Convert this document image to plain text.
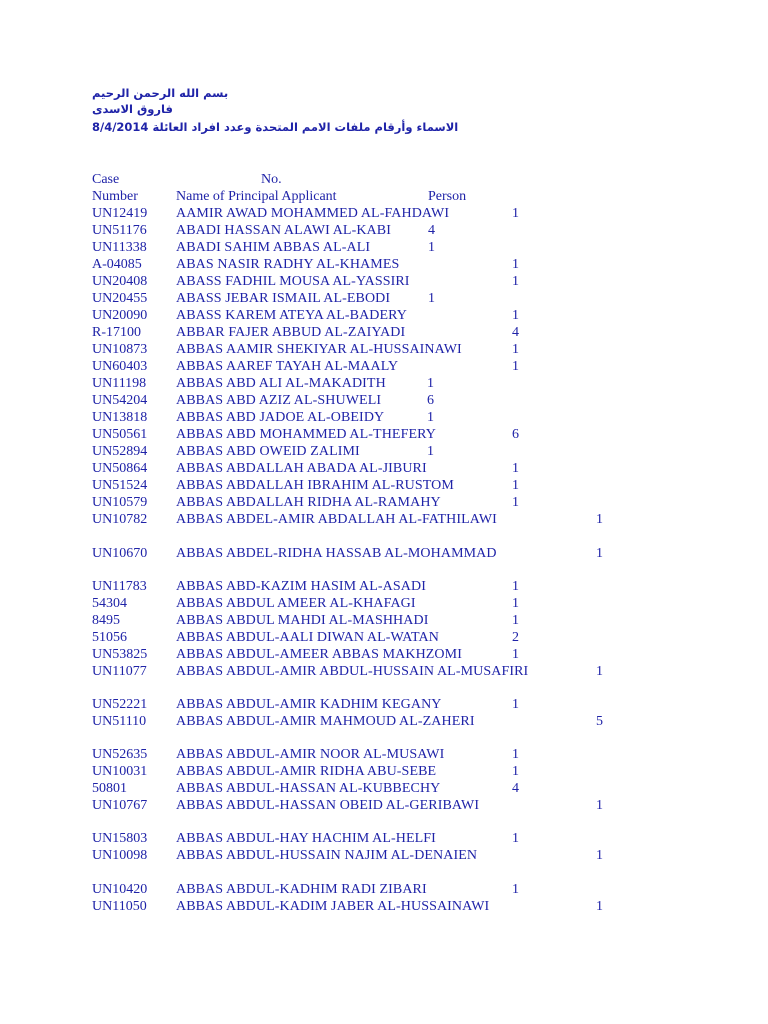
بسم الله الرحمن الرحيم
فاروق الاسدى
8/4/2014 الاسماء وأرقام ملفات الامم المتحدة وعدد افراد العائلة
Case
Number	Name of Principal Applicant
No.
Person
UN12419 AAMIR AWAD MOHAMMED AL-FAHDAWI	1
UN51176 ABADI HASSAN ALAWI AL-KABI	4
UN11338 ABADI SAHIM ABBAS AL-ALI	1
A-04085 ABAS NASIR RADHY AL-KHAMES	1
UN20408 ABASS FADHIL MOUSA AL-YASSIRI	1
UN20455 ABASS JEBAR ISMAIL AL-EBODI	1
UN20090 ABASS KAREM ATEYA AL-BADERY	1
R-17100	ABBAR FAJER ABBUD AL-ZAIYADI	4
UN10873 ABBAS AAMIR SHEKIYAR AL-HUSSAINAWI	1
UN60403 ABBAS AAREF TAYAH AL-MAALY	1
UN11198 ABBAS ABD ALI AL-MAKADITH	1
UN54204 ABBAS ABD AZIZ AL-SHUWELI	6
UN13818 ABBAS ABD JADOE AL-OBEIDY	1
UN50561 ABBAS ABD MOHAMMED AL-THEFERY	6
UN52894 ABBAS ABD OWEID ZALIMI	1
UN50864 ABBAS ABDALLAH ABADA AL-JIBURI	1
UN51524 ABBAS ABDALLAH IBRAHIM AL-RUSTOM	1
UN10579 ABBAS ABDALLAH RIDHA AL-RAMAHY	1
UN10782 ABBAS ABDEL-AMIR ABDALLAH AL-FATHILAWI	1
UN10670 ABBAS ABDEL-RIDHA HASSAB AL-MOHAMMAD	1
UN11783 ABBAS ABD-KAZIM HASIM AL-ASADI	1
54304	ABBAS ABDUL AMEER AL-KHAFAGI	1
8495	ABBAS ABDUL MAHDI AL-MASHHADI	1
51056	ABBAS ABDUL-AALI DIWAN AL-WATAN	2
UN53825 ABBAS ABDUL-AMEER ABBAS MAKHZOMI	1
UN11077 ABBAS ABDUL-AMIR ABDUL-HUSSAIN AL-MUSAFIRI	1
UN52221 ABBAS ABDUL-AMIR KADHIM KEGANY	1
UN51110 ABBAS ABDUL-AMIR MAHMOUD AL-ZAHERI	5
UN52635 ABBAS ABDUL-AMIR NOOR AL-MUSAWI	1
UN10031 ABBAS ABDUL-AMIR RIDHA ABU-SEBE	1
50801	ABBAS ABDUL-HASSAN AL-KUBBECHY	4
UN10767 ABBAS ABDUL-HASSAN OBEID AL-GERIBAWI	1
UN15803 ABBAS ABDUL-HAY HACHIM AL-HELFI	1
UN10098 ABBAS ABDUL-HUSSAIN NAJIM AL-DENAIEN	1
UN10420 ABBAS ABDUL-KADHIM RADI ZIBARI	1
UN11050 ABBAS ABDUL-KADIM JABER AL-HUSSAINAWI	1
